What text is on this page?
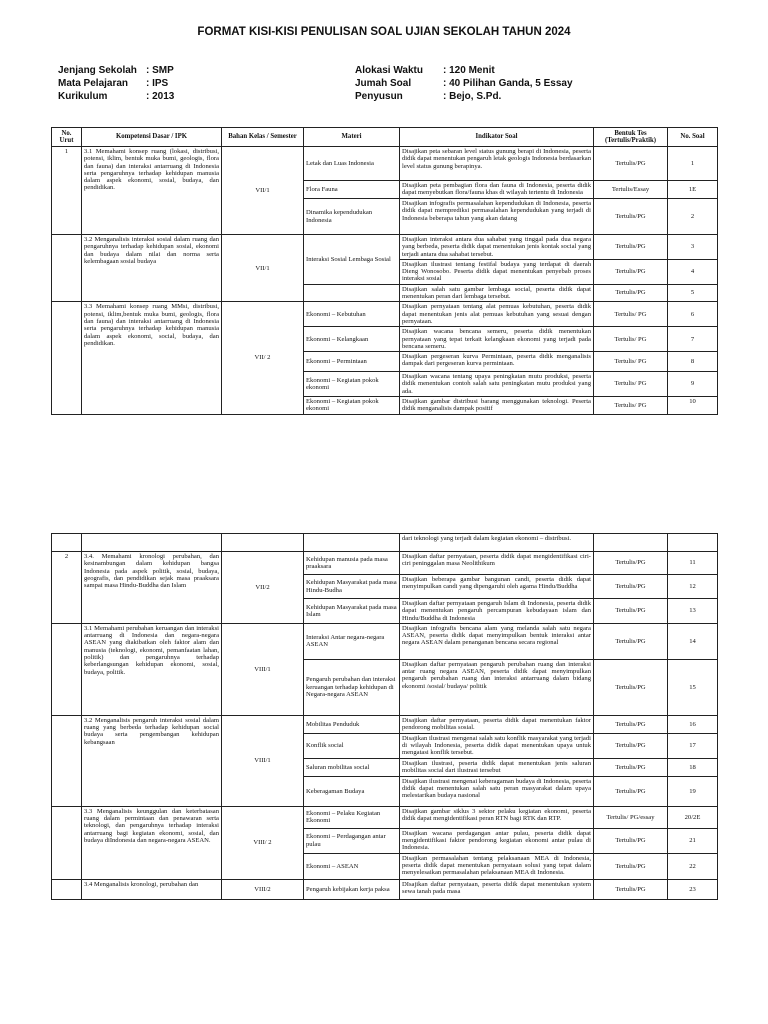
FORMAT KISI-KISI PENULISAN SOAL UJIAN SEKOLAH TAHUN 2024
Jenjang Sekolah : SMP
Mata Pelajaran	: IPS
Kurikulum	: 2013
Alokasi Waktu	: 120 Menit
Jumah Soal	: 40 Pilihan Ganda, 5 Essay
Penyusun	: Bejo, S.Pd.
No. Urut	Kompetensi Dasar / IPK	Bahan Kelas / Semester	Materi	Indikator Soal	Bentuk Tes (Tertulis/Praktik)	No. Soal
1	3.1 Memahami konsep ruang (lokasi, distribusi, potensi, iklim, bentuk muka bumi, geologis, flora dan fauna) dan interaksi antarruang di Indonesia serta pengaruhnya terhadap kehidupan manusia dalam aspek ekonomi, sosial, budaya, dan pendidikan.	VII/1	Letak dan Luas Indonesia	Disajikan peta sebaran level status gunung berapi di Indonesia, peserta didik dapat menentukan pengaruh letak geologis Indonesia berdasarkan level status gunung berapinya.	Tertulis/PG	1
			Flora Fauna	Disajikan peta pembagian flora dan fauna di Indonesia, peserta didik dapat menyebutkan flora/fauna khas di wilayah tertentu di Indonesia	Tertulis/Essay	1E
			Dinamika kependudukan Indonesia	Disajikan infografis permasalahan kependudukan di Indonesia, peserta didik dapat memprediksi permasalahan kependudukan yang terjadi di Indonesia beberapa tahun yang akan datang	Tertulis/PG	2
	3.2 Menganalisis interaksi sosial dalam ruang dan pengaruhnya terhadap kehidupan sosial, ekonomi dan budaya dalam nilai dan norma serta kelembagaan sosial budaya	VII/1	Interaksi Sosial Lembaga Sosial	Disajikan interaksi antara dua sahabat yang tinggal pada dua negara yang berbeda, peserta didik dapat menentukan jenis kontak social yang terjadi antara dua sahabat tersebut.	Tertulis/PG	3
				Disajikan ilustrasi tentang festifal budaya yang terdapat di daerah Dieng Wonosobo. Peserta didik dapat menentukan penyebab proses interaksi sosial	Tertulis/PG	4
				Disajikan salah satu gambar lembaga social, peserta didik dapat menentukan peran dari lembaga tersebut.	Tertulis/PG	5
	3.3 Memahami konsep ruang MMsi, distribusi, potensi, iklim,bentuk muka bumi, geologis, flora dan fauna) dan interaksi antarruang di Indonesia serta pengaruhnya terhadap kehidupan manusia dalam aspek ekonomi, social, budaya, dan pendidikan.	VII/ 2	Ekonomi – Kebutuhan	Disajikan pernyataan tentang alat pemuas kebutuhan, peserta didik dapat menentukan jenis alat pemuas kebutuhan yang sesuai dengan pernyataan.	Tertulis/ PG	6
			Ekonomi – Kelangkaan	Disajikan wacana bencana semeru, peserta didik menentukan pernyataan yang tepat terkait kelangkaan ekonomi yang terjadi pada bencana semeru.	Tertulis/ PG	7
			Ekonomi – Permintaan	Disajikan pergeseran kurva Permintaan, peserta didik menganalisis dampak dari pergeseran kurva permintaan.	Tertulis/ PG	8
			Ekonomi – Kegiatan pokok ekonomi	Disajikan wacana tentang upaya peningkatan mutu produksi, peserta didik menentukan contoh salah satu peningkatan mutu produksi yang ada.	Tertulis/ PG	9
			Ekonomi – Kegiatan pokok ekonomi	Disajikan gambar distribusi barang menggunakan teknologi. Peserta didik menganalisis dampak positif	Tertulis/ PG	10
				dari teknologi yang terjadi dalam kegiatan ekonomi – distribusi.		
2	3.4. Memahami kronologi perubahan, dan kesinambungan dalam kehidupan bangsa Indonesia pada aspek politik, sosial, budaya, geografis, dan pendidikan sejak masa praaksara sampai masa Hindu-Buddha dan Islam	VII/2	Kehidupan manusia pada masa praaksara	Disajikan daftar pernyataan, peserta didik dapat mengidentifikasi ciri-ciri peninggalan masa Neolithikum	Tertulis/PG	11
			Kehidupan Masyarakat pada masa Hindu-Budha	Disajikan beberapa gambar bangunan candi, peserta didik dapat menyimpulkan candi yang dipengaruhi oleh agama Hindu/Buddha	Tertulis/PG	12
			Kehidupan Masyarakat pada masa Islam	Disajikan daftar pernyataan pengaruh Islam di Indonesia, peserta didik dapat menentukan pengaruh percampuran kebudayaan islam dan Hindu/Buddha di Indonesia	Tertulis/PG	13
	3.1 Memahami perubahan keruangan dan interaksi antarruang di Indonesia dan negara-negara ASEAN yang diakibatkan oleh faktor alam dan manusia (teknologi, ekonomi, pemanfaatan lahan, politik) dan pengaruhnya terhadap keberlangsungan kehidupan ekonomi, sosial, budaya, politik.	VIII/1	Interaksi Antar negara-negara ASEAN	Disajikan infografis bencana alam yang melanda salah satu negara ASEAN, peserta didik dapat menyimpulkan bentuk interaksi antar negara ASEAN dalam penanganan bencana secara regional	Tertulis/PG	14
			Pengaruh perubahan dan interaksi keruangan terhadap kehidupan di Negara-negara ASEAN	Disajikan daftar pernyataan pengaruh perubahan ruang dan interaksi antar ruang negara ASEAN, peserta didik dapat menyimpulkan pengaruh perubahan ruang dan interaksi antarruang dalam bidang ekonomi /sosial/ budaya/ politik	Tertulis/PG	15
	3.2 Menganalisis pengaruh interaksi sosial dalam ruang yang berbeda terhadap kehidupan social budaya serta pengembangan kehidupan kebangsaan	VIII/1	Mobilitas Penduduk	Disajikan daftar pernyataan, peserta didik dapat menentukan faktor pendorong mobilitas sosial.	Tertulis/PG	16
			Konflik social	Disajikan ilustrasi mengenai salah satu konflik masyarakat yang terjadi di wilayah Indonesia, peserta didik dapat menentukan upaya untuk mengatasi konflik tersebut.	Tertulis/PG	17
			Saluran mobilitas social	Disajikan ilustrasi, peserta didik dapat menentukan jenis saluran mobilitas social dari ilustrasi tersebut	Tertulis/PG	18
			Keberagaman Budaya	Disajikan ilustrasi mengenai keberagaman budaya di Indonesia, peserta didik dapat menentukan salah satu peran masyarakat dalam upaya melestarikan budaya nasional	Tertulis/PG	19
	3.3 Menganalisis keunggulan dan keterbatasan ruang dalam permintaan dan penawaran serta teknologi, dan pengaruhnya terhadap interaksi antarruang bagi kegiatan ekonomi, sosial, dan budaya diIndonesia dan negara-negara ASEAN.	VIII/ 2	Ekonomi – Pelaku Kegiatan Ekonomi	Disajikan gambar siklus 3 sektor pelaku kegiatan ekonomi, peserta didik dapat mengidentifikasi peran RTN bagi RTK dan RTP.	Tertulis/ PG/essay	20/2E
			Ekonomi – Perdagangan antar pulau	Disajikan wacana perdagangan antar pulau, peserta didik dapat mengidentifikasi faktor pendorong kegiatan ekonomi antar pulau di Indonesia.	Tertulis/PG	21
			Ekonomi – ASEAN	Disajikan permasalahan tentang pelaksanaan MEA di Indonesia, peserta didik dapat menentukan pernyataan solusi yang tepat dalam menyelesaikan permasalahan pelaksanaan MEA di Indonesia.	Tertulis/PG	22
	3.4 Menganalisis kronologi, perubahan dan	VIII/2	Pengaruh kebijakan kerja paksa	DIsajikan daftar pernyataan, peserta didik dapat menentukan system sewa tanah pada masa	Tertulis/PG	23
